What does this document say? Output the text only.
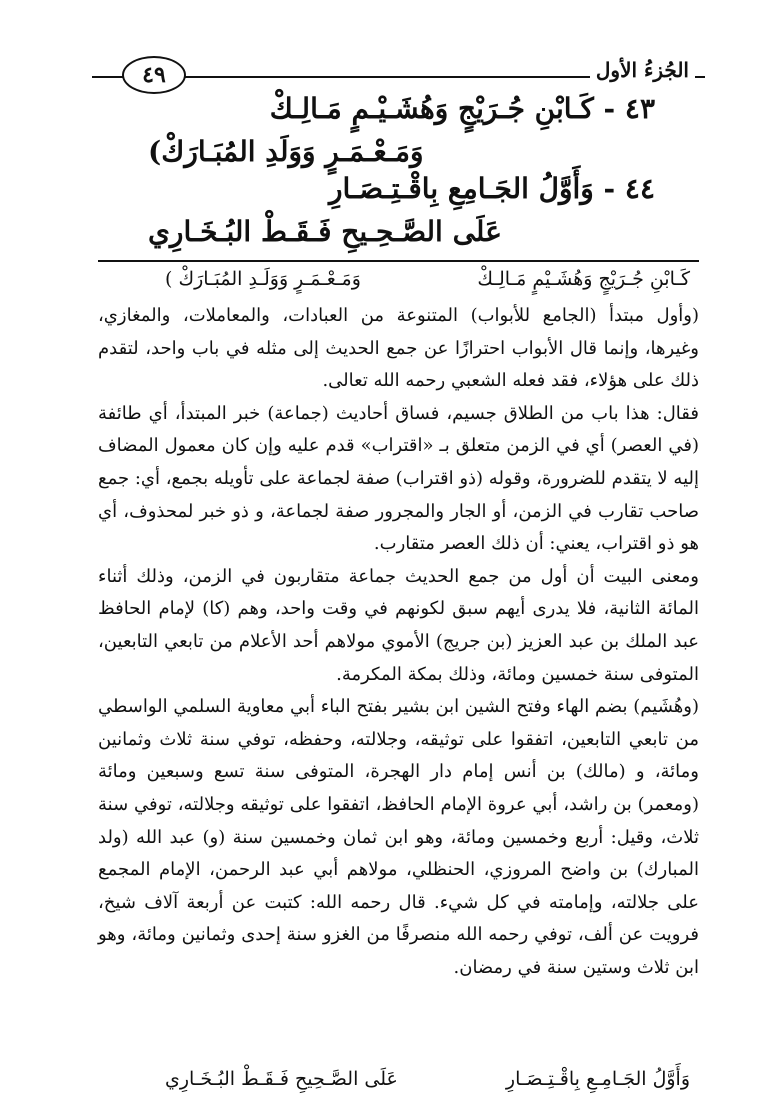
الجُزءُ الأول
٤٩
٤٣ - كَـابْنِ جُـرَيْجٍ وَهُشَـيْـمٍ مَـالِـكْ
وَمَـعْـمَـرٍ وَوَلَدِ المُبَـارَكْ)
٤٤ - وَأَوَّلُ الجَـامِعِ بِاقْـتِـصَـارِ
عَلَى الصَّـحِـيحِ فَـقَـطْ البُـخَـارِي
كَـابْنِ جُـرَيْجٍ وَهُشَـيْمٍ مَـالِـكْ
وَمَـعْـمَـرٍ وَوَلَـدِ المُبَـارَكْ )

(وأول مبتدأ (الجامع للأبواب) المتنوعة من العبادات، والمعاملات، والمغازي، وغيرها، وإنما قال الأبواب احترازًا عن جمع الحديث إلى مثله في باب واحد، لتقدم ذلك على هؤلاء، فقد فعله الشعبي رحمه الله تعالى.

فقال: هذا باب من الطلاق جسيم، فساق أحاديث (جماعة) خبر المبتدأ، أي طائفة (في العصر) أي في الزمن متعلق بـ «اقتراب» قدم عليه وإن كان معمول المضاف إليه لا يتقدم للضرورة، وقوله (ذو اقتراب) صفة لجماعة على تأويله بجمع، أي: جمع صاحب تقارب في الزمن، أو الجار والمجرور صفة لجماعة، و ذو خبر لمحذوف، أي هو ذو اقتراب، يعني: أن ذلك العصر متقارب.

ومعنى البيت أن أول من جمع الحديث جماعة متقاربون في الزمن، وذلك أثناء المائة الثانية، فلا يدرى أيهم سبق لكونهم في وقت واحد، وهم (كا) لإمام الحافظ عبد الملك بن عبد العزيز (بن جريج) الأموي مولاهم أحد الأعلام من تابعي التابعين، المتوفى سنة خمسين ومائة، وذلك بمكة المكرمة.

(وهُشَيم) بضم الهاء وفتح الشين ابن بشير بفتح الباء أبي معاوية السلمي الواسطي من تابعي التابعين، اتفقوا على توثيقه، وجلالته، وحفظه، توفي سنة ثلاث وثمانين ومائة، و (مالك) بن أنس إمام دار الهجرة، المتوفى سنة تسع وسبعين ومائة (ومعمر) بن راشد، أبي عروة الإمام الحافظ، اتفقوا على توثيقه وجلالته، توفي سنة ثلاث، وقيل: أربع وخمسين ومائة، وهو ابن ثمان وخمسين سنة (و) عبد الله (ولد المبارك) بن واضح المروزي، الحنظلي، مولاهم أبي عبد الرحمن، الإمام المجمع على جلالته، وإمامته في كل شيء. قال رحمه الله: كتبت عن أربعة آلاف شيخ، فرويت عن ألف، توفي رحمه الله منصرفًا من الغزو سنة إحدى وثمانين ومائة، وهو ابن ثلاث وستين سنة في رمضان.

وَأَوَّلُ الجَـامِـعِ بِاقْـتِـصَـارِ
عَلَى الصَّـحِيحِ فَـقَـطْ البُـخَـارِي
